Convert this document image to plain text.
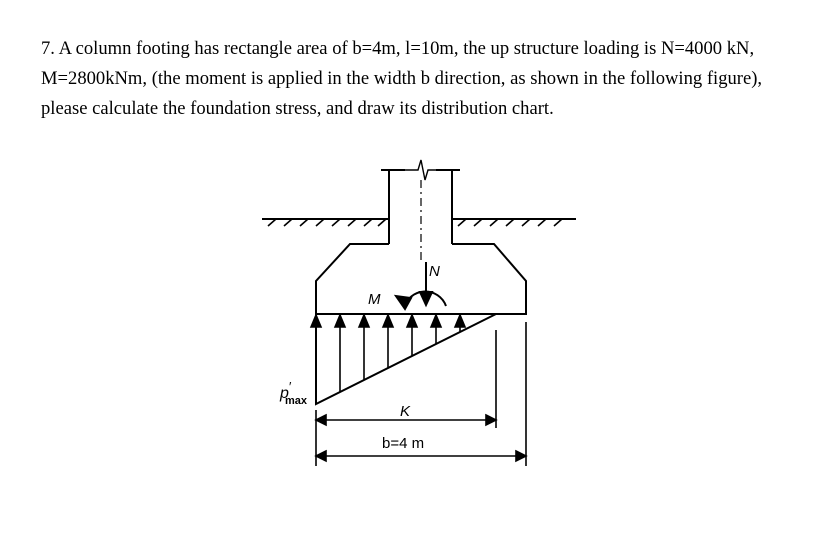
7. A column footing has rectangle area of b=4m, l=10m, the up structure loading is N=4000 kN,
M=2800kNm, (the moment is applied in the width b direction, as shown in the following figure),
please calculate the foundation stress, and draw its distribution chart.
N
M
p ′
max
K
b=4 m
